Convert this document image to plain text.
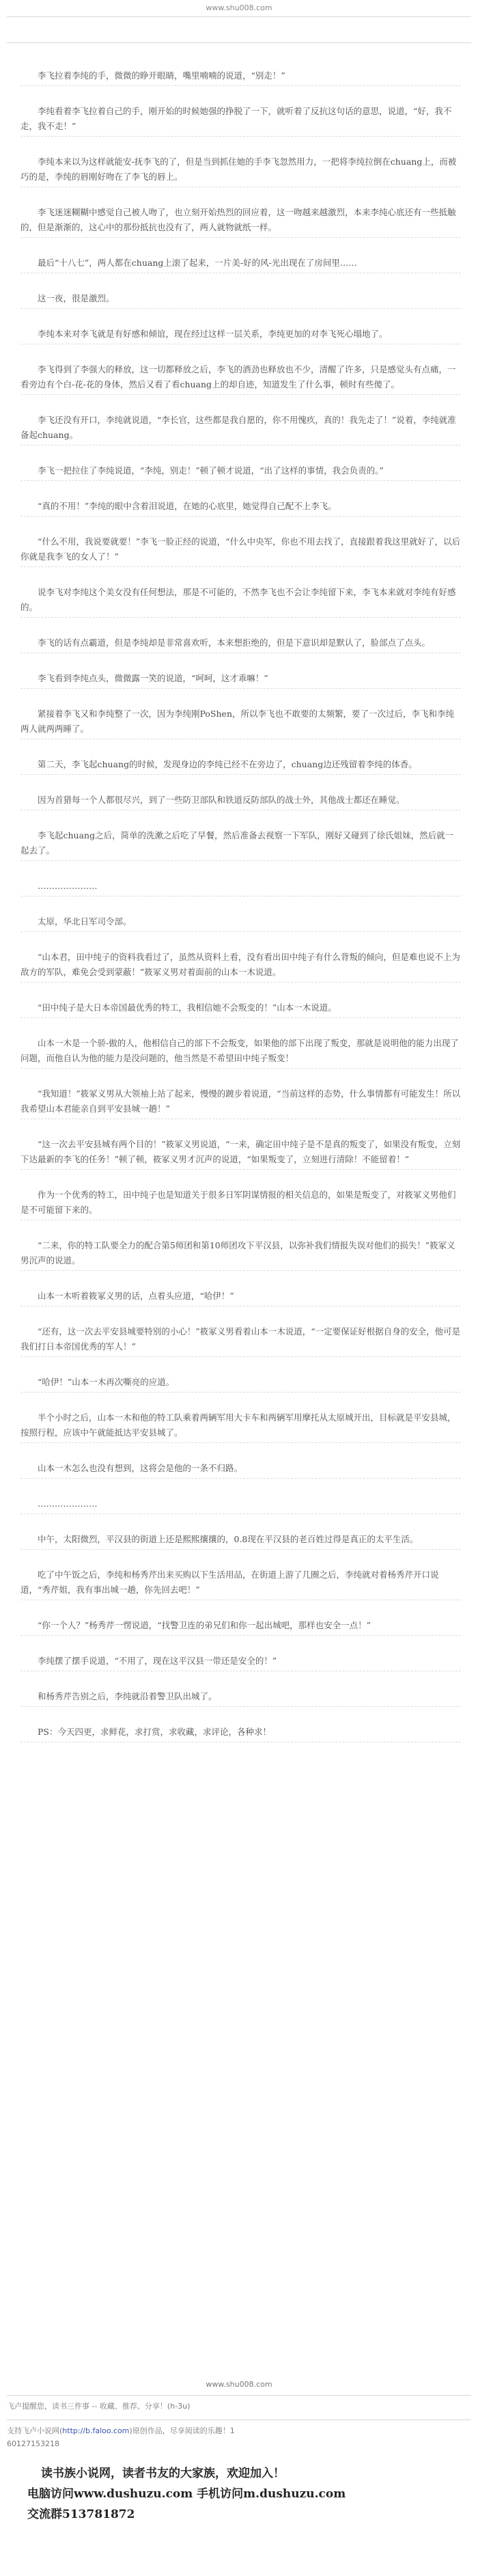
www.shu008.com
李飞拉着李纯的手，微微的睁开眼睛，嘴里喃喃的说道，“别走！”
李纯看着李飞拉着自己的手，刚开始的时候她强的挣脱了一下，就听着了反抗这句话的意思，说道，“好，我不走，我不走！”
李纯本来以为这样就能安-抚李飞的了，但是当到抓住她的手李飞忽然用力，一把将李纯拉倒在chuang上，而被巧的是，李纯的唇刚好吻在了李飞的唇上。
李飞迷迷糊糊中感觉自己被人吻了，也立刻开始热烈的回应着，这一吻越来越激烈，本来李纯心底还有一些抵触的，但是渐渐的，这心中的那份抵抗也没有了，两人就物就纸一样。
最后“十八七”，两人都在chuang上滚了起来，一片美-好的风-光出现在了房间里……
这一夜，很是激烈。
李纯本来对李飞就是有好感和倾谊，现在经过这样一层关系，李纯更加的对李飞死心塌地了。
李飞得到了李强大的释放，这一切都释放之后，李飞的酒劲也释放也不少，清醒了许多，只是感觉头有点痛，一看旁边有个白-花-花的身体，然后又看了看chuang上的却自迹，知道发生了什么事，顿时有些傻了。
李飞还没有开口，李纯就说道，“李长官，这些都是我自愿的，你不用愧疚，真的！我先走了！”说着，李纯就准备起chuang。
李飞一把拉住了李纯说道，“李纯，别走！”顿了顿才说道，“出了这样的事情，我会负责的。”
“真的不用！”李纯的眼中含着泪说道，在她的心底里，她觉得自己配不上李飞。
“什么不用，我说要就要！”李飞一脸正经的说道，“什么中央军，你也不用去找了，直接跟着我这里就好了，以后你就是我李飞的女人了！”
说李飞对李纯这个美女没有任何想法，那是不可能的，不然李飞也不会让李纯留下来，李飞本来就对李纯有好感的。
李飞的话有点霸道，但是李纯却是非常喜欢听，本来想拒绝的，但是下意识却是默认了，脸部点了点头。
李飞看到李纯点头，微微露一笑的说道，“呵呵，这才乖嘛！”
紧接着李飞又和李纯整了一次，因为李纯刚PoShen，所以李飞也不敢要的太频繁，要了一次过后，李飞和李纯两人就两两睡了。
第二天，李飞起chuang的时候，发现身边的李纯已经不在旁边了，chuang边还残留着李纯的体香。
因为首猎每一个人都很尽兴，到了一些防卫部队和铁道反防部队的战士外，其他战士都还在睡觉。
李飞起chuang之后，简单的洗漱之后吃了早餐，然后准备去视察一下军队，刚好又碰到了徐氏姐妹，然后就一起去了。
…………………
太原，华北日军司令部。
“山本君，田中纯子的资料我看过了，虽然从资料上看，没有看出田中纯子有什么背叛的倾向，但是难也说不上为敌方的军队，难免会受到蒙蔽！”筱冢义男对着面前的山本一木说道。
“田中纯子是大日本帝国最优秀的特工，我相信她不会叛变的！”山本一木说道。
山本一木是一个骄-傲的人，他相信自己的部下不会叛变，如果他的部下出现了叛变，那就是说明他的能力出现了问题，而他自认为他的能力是没问题的，他当然是不希望田中纯子叛变！
“我知道！”筱冢义男从大领袖上站了起来，慢慢的踱步着说道，“当前这样的态势，什么事情都有可能发生！所以我希望山本君能亲自到平安县城一趟！”
“这一次去平安县城有两个目的！”筱冢义男说道，“一来，确定田中纯子是不是真的叛变了，如果没有叛变，立刻下达最新的李飞的任务！”顿了顿，筱冢义男才沉声的说道，“如果叛变了，立刻进行清除！不能留着！”
作为一个优秀的特工，田中纯子也是知道关于很多日军阴谋情报的相关信息的，如果是叛变了，对筱冢义男他们是不可能留下来的。
“二来，你的特工队要全力的配合第5师团和第10师团攻下平汉县，以弥补我们情报失误对他们的损失！”筱冢义男沉声的说道。
山本一木听着筱冢义男的话，点着头应道，“哈伊！”
“还有，这一次去平安县城要特别的小心！”筱冢义男看着山本一木说道，“一定要保证好根据自身的安全，他可是我们打日本帝国优秀的军人！”
“哈伊！”山本一木再次嘶亮的应道。
半个小时之后，山本一木和他的特工队乘着两辆军用大卡车和两辆军用摩托从太原城开出，目标就是平安县城，按照行程，应该中午就能抵达平安县城了。
山本一木怎么也没有想到，这将会是他的一条不归路。
…………………
中午，太阳微烈，平汉县的街道上还是熙熙攘攘的，0.8现在平汉县的老百姓过得是真正的太平生活。
吃了中午饭之后，李纯和杨秀芹出来买购以下生活用品，在街道上游了几圈之后，李纯就对着杨秀芹开口说道，“秀芹姐，我有事出城一趟，你先回去吧！”
“你一个人？”杨秀芹一愣说道，“找警卫连的弟兄们和你一起出城吧，那样也安全一点！”
李纯摆了摆手说道，“不用了，现在这平汉县一带还是安全的！”
和杨秀芹告别之后，李纯就沿着警卫队出城了。
PS：今天四更，求鲜花，求打赏，求收藏，求评论，各种求！
www.shu008.com
飞卢提醒您，读书三件事 -- 收藏、推荐、分享！(h-3u)
支持飞卢小说网(http://b.faloo.com)原创作品，尽享阅读的乐趣！1
60127153218
读书族小说网，读者书友的大家族，欢迎加入！
电脑访问www.dushuzu.com 手机访问m.dushuzu.com
交流群513781872
